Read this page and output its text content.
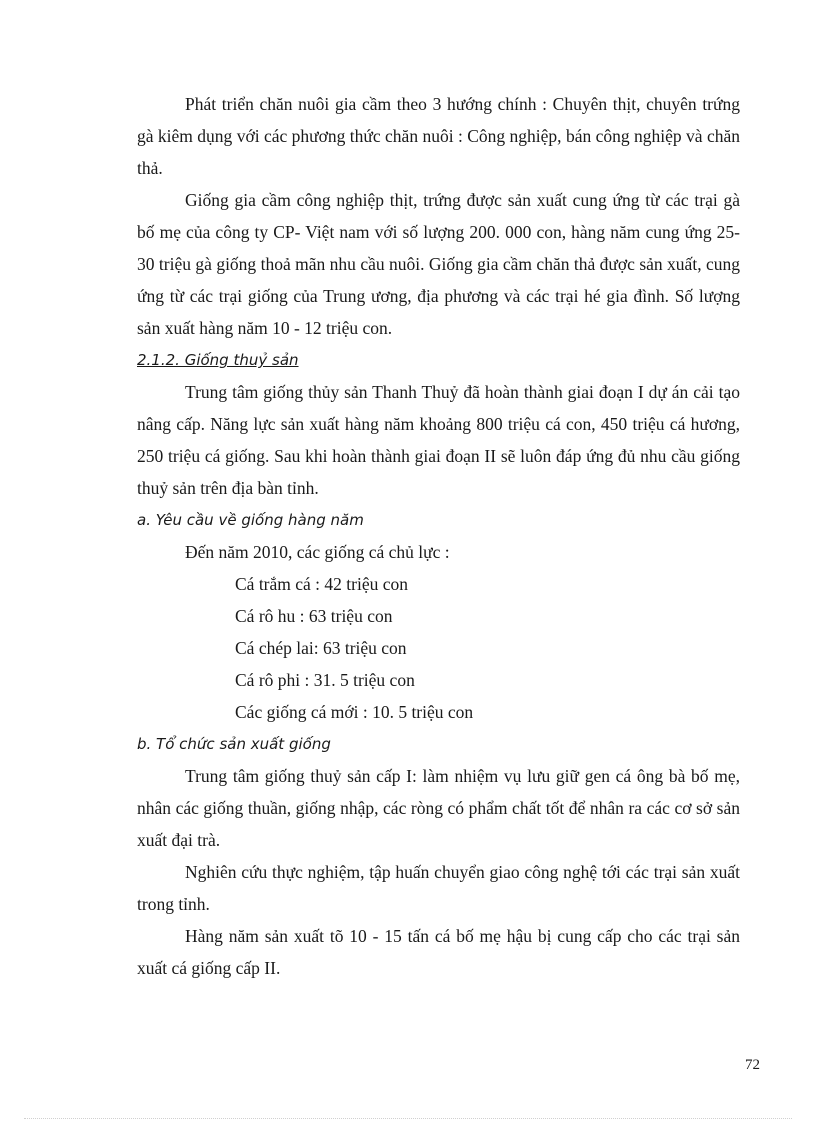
Phát triển chăn nuôi gia cầm theo 3 hướng chính : Chuyên thịt, chuyên trứng gà kiêm dụng với các phương thức chăn nuôi : Công nghiệp, bán công nghiệp và chăn thả.

Giống gia cầm công nghiệp thịt, trứng được sản xuất cung ứng từ các trại gà bố mẹ của công ty CP- Việt nam với số lượng 200. 000 con, hàng năm cung ứng 25- 30 triệu gà giống thoả mãn nhu cầu nuôi. Giống gia cầm chăn thả được sản xuất, cung ứng từ các trại giống của Trung ương, địa phương và các trại hé gia đình. Số lượng sản xuất hàng năm 10 - 12 triệu con.

2.1.2. Giống thuỷ sản

Trung tâm giống thủy sản Thanh Thuỷ đã hoàn thành giai đoạn I dự án cải tạo nâng cấp. Năng lực sản xuất hàng năm khoảng 800 triệu cá con, 450 triệu cá hương, 250 triệu cá giống. Sau khi hoàn thành giai đoạn II sẽ luôn đáp ứng đủ nhu cầu giống thuỷ sản trên địa bàn tỉnh.

a. Yêu cầu về giống hàng năm

Đến năm 2010, các giống cá chủ lực :

Cá trắm cá : 42 triệu con
Cá rô hu : 63 triệu con
Cá chép lai: 63 triệu con
Cá rô phi : 31. 5 triệu con
Các giống cá mới : 10. 5 triệu con

b. Tổ chức sản xuất giống

Trung tâm giống thuỷ sản cấp I: làm nhiệm vụ lưu giữ gen cá ông bà bố mẹ, nhân các giống thuần, giống nhập, các ròng có phẩm chất tốt để nhân ra các cơ sở sản xuất đại trà.

Nghiên cứu thực nghiệm, tập huấn chuyển giao công nghệ tới các trại sản xuất trong tỉnh.

Hàng năm sản xuất tõ 10 - 15 tấn cá bố mẹ hậu bị cung cấp cho các trại sản xuất cá giống cấp II.

72
